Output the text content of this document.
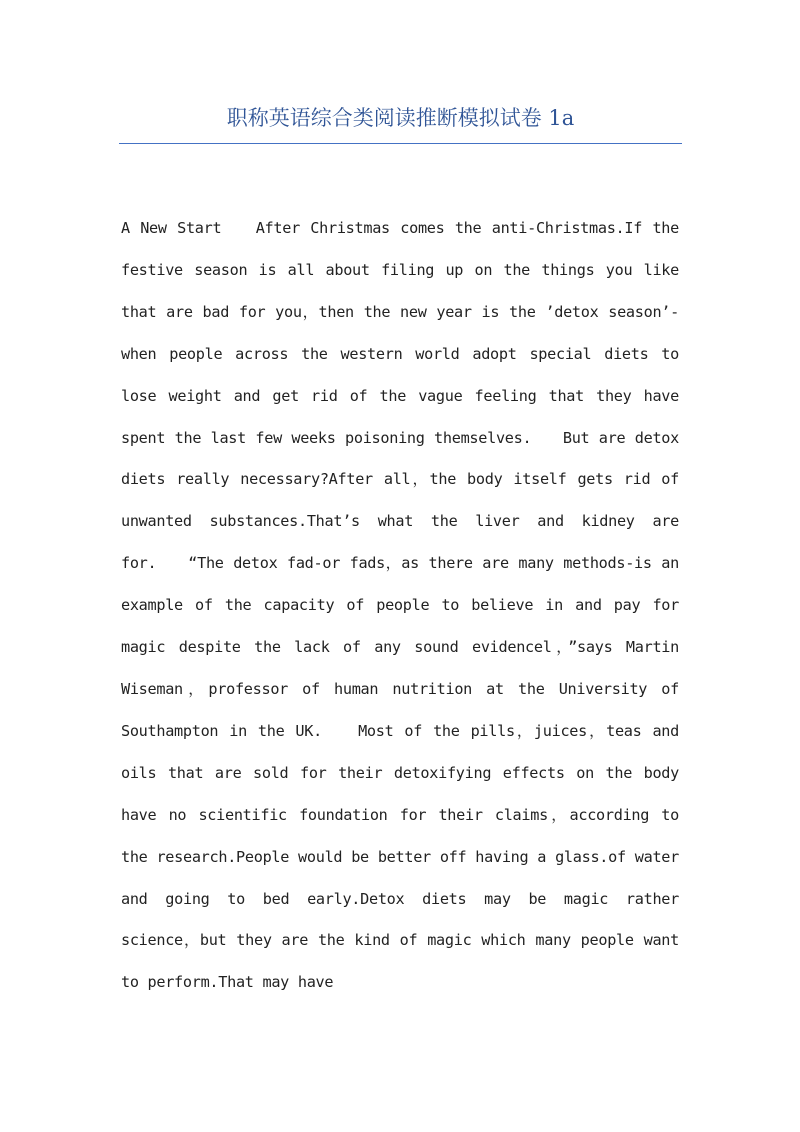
职称英语综合类阅读推断模拟试卷 1a

A New Start　　After Christmas comes the anti-Christmas.If the festive season is all about filing up on the things you like that are bad for you，then the new year is the ’detox season’-when people across the western world adopt special diets to lose weight and get rid of the vague feeling that they have spent the last few weeks poisoning themselves.　　But are detox diets really necessary?After all，the body itself gets rid of unwanted substances.That’s what the liver and kidney are for.　　“The detox fad-or fads，as there are many methods-is an example of the capacity of people to believe in and pay for magic despite the lack of any sound evidencel，”says Martin Wiseman，professor of human nutrition at the University of Southampton in the UK.　　Most of the pills，juices，teas and oils that are sold for their detoxifying effects on the body have no scientific foundation for their claims，according to the research.People would be better off having a glass.of water and going to bed early.Detox diets may be magic rather science，but they are the kind of magic which many people want to perform.That may have
